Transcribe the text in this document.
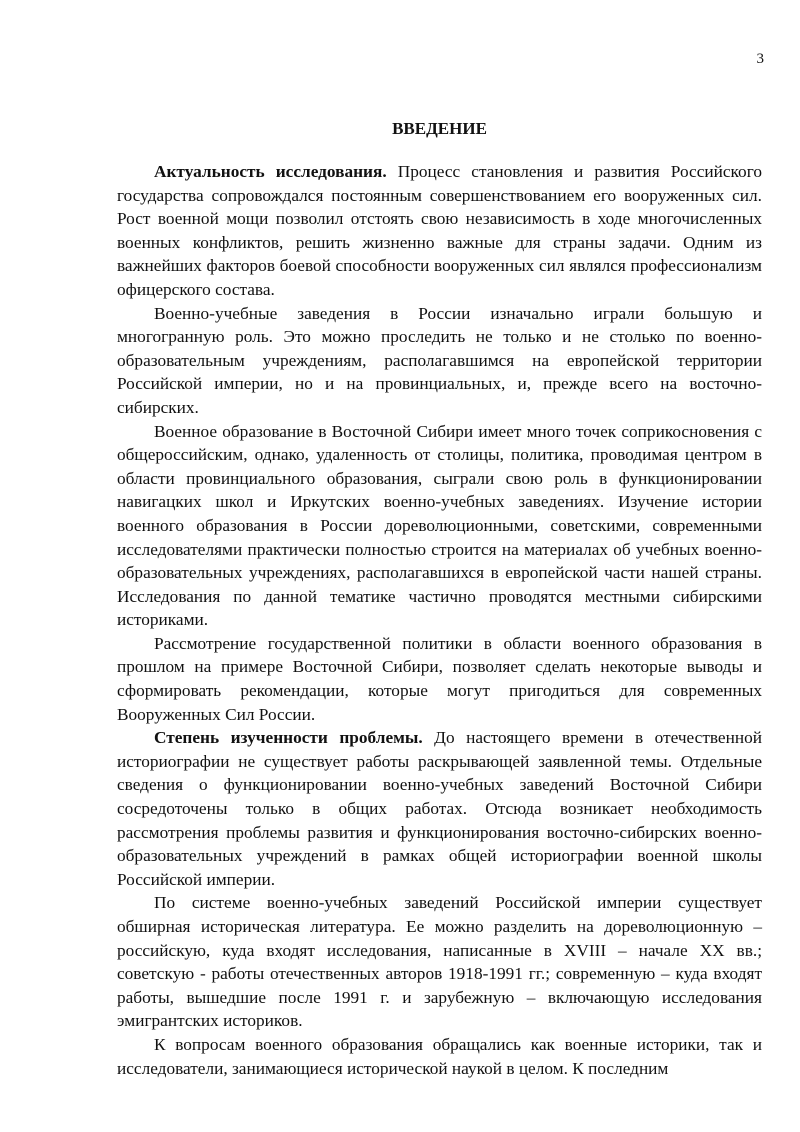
3
ВВЕДЕНИЕ

Актуальность исследования. Процесс становления и развития Российского государства сопровождался постоянным совершенствованием его вооруженных сил. Рост военной мощи позволил отстоять свою независимость в ходе многочисленных военных конфликтов, решить жизненно важные для страны задачи. Одним из важнейших факторов боевой способности вооруженных сил являлся профессионализм офицерского состава.

Военно-учебные заведения в России изначально играли большую и многогранную роль. Это можно проследить не только и не столько по военно-образовательным учреждениям, располагавшимся на европейской территории Российской империи, но и на провинциальных, и, прежде всего на восточно-сибирских.

Военное образование в Восточной Сибири имеет много точек соприкосновения с общероссийским, однако, удаленность от столицы, политика, проводимая центром в области провинциального образования, сыграли свою роль в функционировании навигацких школ и Иркутских военно-учебных заведениях. Изучение истории военного образования в России дореволюционными, советскими, современными исследователями практически полностью строится на материалах об учебных военно-образовательных учреждениях, располагавшихся в европейской части нашей страны. Исследования по данной тематике частично проводятся местными сибирскими историками.

Рассмотрение государственной политики в области военного образования в прошлом на примере Восточной Сибири, позволяет сделать некоторые выводы и сформировать рекомендации, которые могут пригодиться для современных Вооруженных Сил России.

Степень изученности проблемы. До настоящего времени в отечественной историографии не существует работы раскрывающей заявленной темы. Отдельные сведения о функционировании военно-учебных заведений Восточной Сибири сосредоточены только в общих работах. Отсюда возникает необходимость рассмотрения проблемы развития и функционирования восточно-сибирских военно-образовательных учреждений в рамках общей историографии военной школы Российской империи.

По системе военно-учебных заведений Российской империи существует обширная историческая литература. Ее можно разделить на дореволюционную – российскую, куда входят исследования, написанные в XVIII – начале XX вв.; советскую - работы отечественных авторов 1918-1991 гг.; современную – куда входят работы, вышедшие после 1991 г. и зарубежную – включающую исследования эмигрантских историков.

К вопросам военного образования обращались как военные историки, так и исследователи, занимающиеся исторической наукой в целом. К последним
